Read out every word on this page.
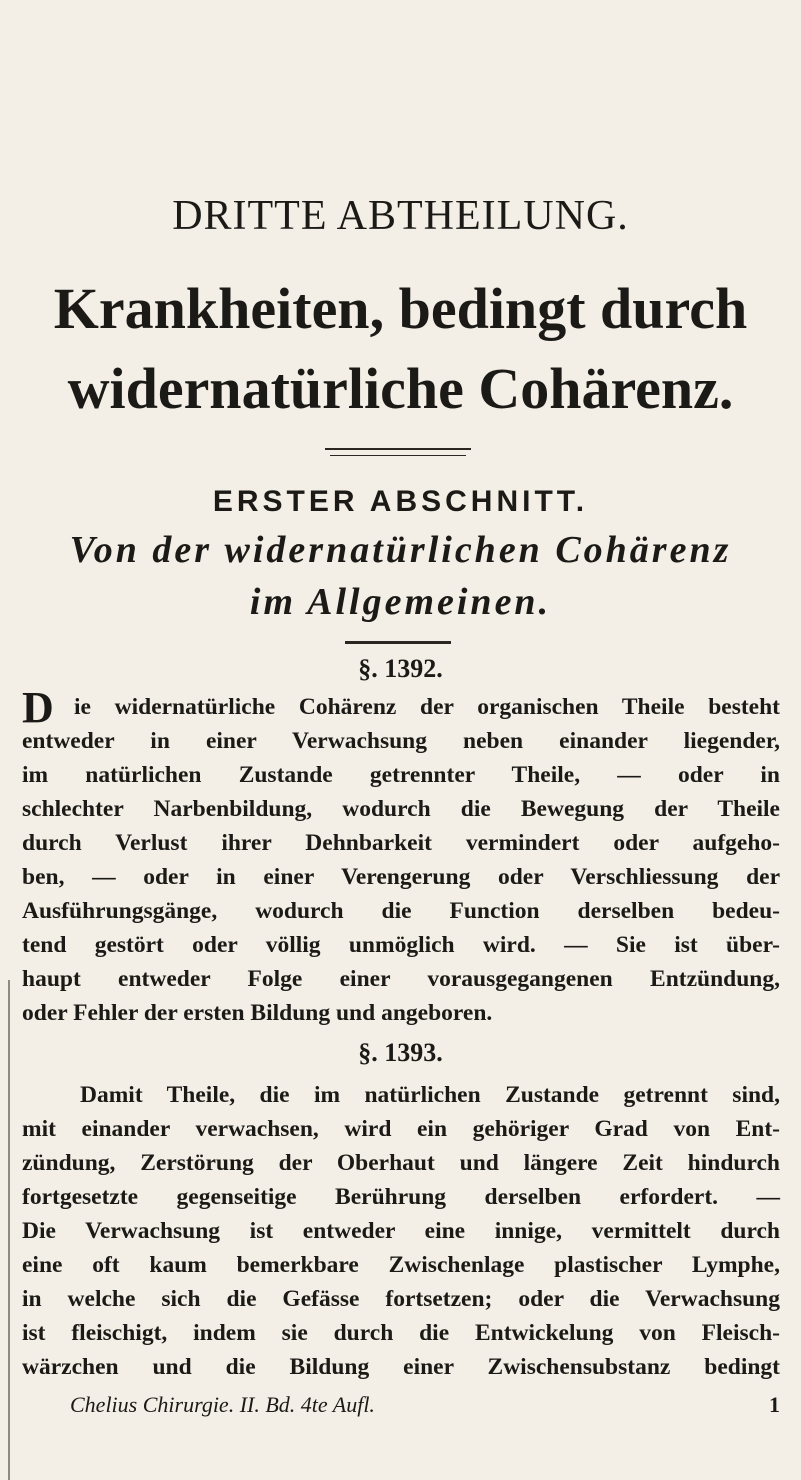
DRITTE ABTHEILUNG.
Krankheiten, bedingt durch
widernatürliche Cohärenz.
ERSTER ABSCHNITT.
Von der widernatürlichen Cohärenz
im Allgemeinen.
§. 1392.
D ie widernatürliche Cohärenz der organischen Theile besteht
entweder in einer Verwachsung neben einander liegender,
im natürlichen Zustande getrennter Theile, — oder in
schlechter Narbenbildung, wodurch die Bewegung der Theile
durch Verlust ihrer Dehnbarkeit vermindert oder aufgeho-
ben, — oder in einer Verengerung oder Verschliessung der
Ausführungsgänge, wodurch die Function derselben bedeu-
tend gestört oder völlig unmöglich wird. — Sie ist über-
haupt entweder Folge einer vorausgegangenen Entzündung,
oder Fehler der ersten Bildung und angeboren.
§. 1393.
Damit Theile, die im natürlichen Zustande getrennt sind,
mit einander verwachsen, wird ein gehöriger Grad von Ent-
zündung, Zerstörung der Oberhaut und längere Zeit hindurch
fortgesetzte gegenseitige Berührung derselben erfordert. —
Die Verwachsung ist entweder eine innige, vermittelt durch
eine oft kaum bemerkbare Zwischenlage plastischer Lymphe,
in welche sich die Gefässe fortsetzen; oder die Verwachsung
ist fleischigt, indem sie durch die Entwickelung von Fleisch-
wärzchen und die Bildung einer Zwischensubstanz bedingt
Chelius Chirurgie. II. Bd. 4te Aufl.	1
